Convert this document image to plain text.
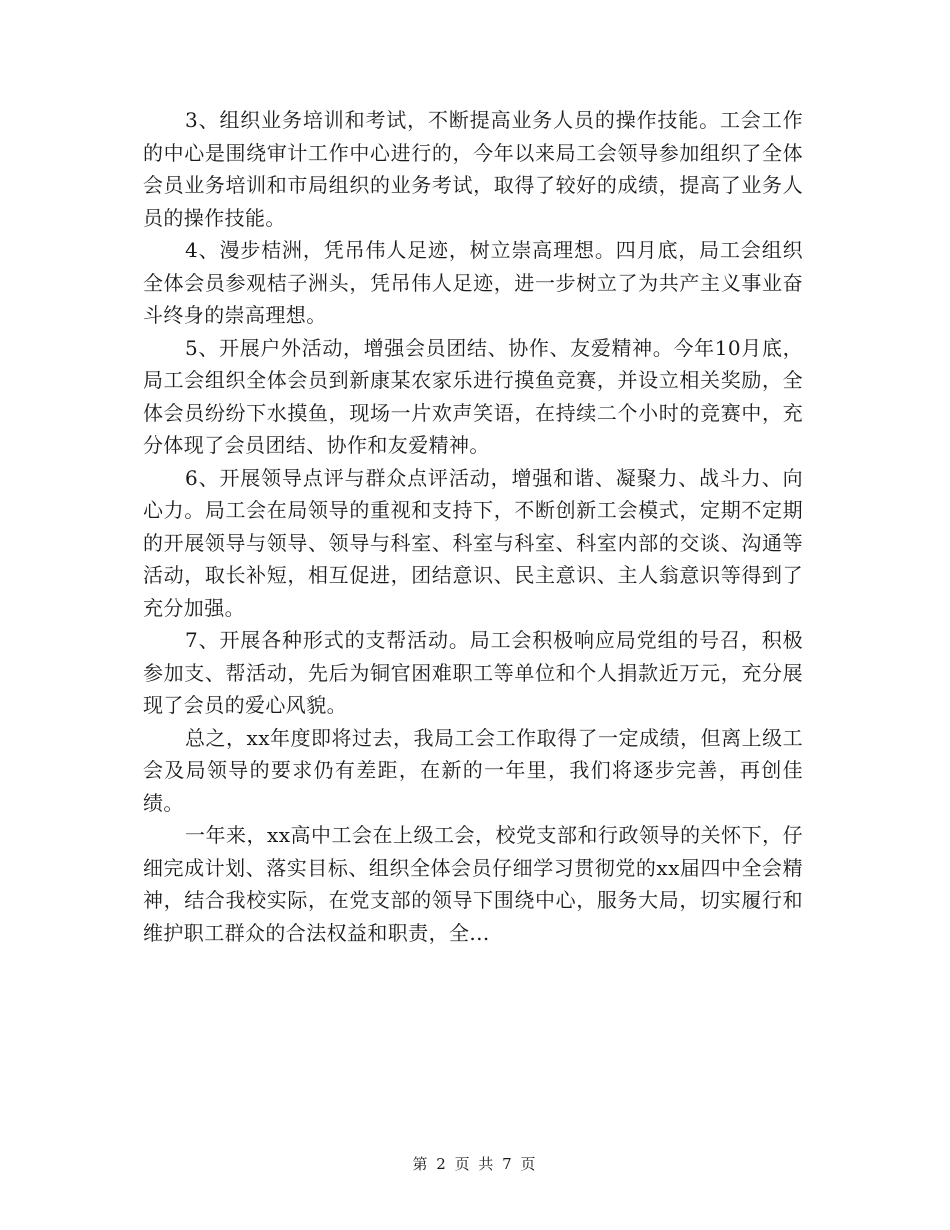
3、组织业务培训和考试，不断提高业务人员的操作技能。工会工作的中心是围绕审计工作中心进行的，今年以来局工会领导参加组织了全体会员业务培训和市局组织的业务考试，取得了较好的成绩，提高了业务人员的操作技能。

4、漫步桔洲，凭吊伟人足迹，树立崇高理想。四月底，局工会组织全体会员参观桔子洲头，凭吊伟人足迹，进一步树立了为共产主义事业奋斗终身的崇高理想。

5、开展户外活动，增强会员团结、协作、友爱精神。今年10月底，局工会组织全体会员到新康某农家乐进行摸鱼竞赛，并设立相关奖励，全体会员纷纷下水摸鱼，现场一片欢声笑语，在持续二个小时的竞赛中，充分体现了会员团结、协作和友爱精神。

6、开展领导点评与群众点评活动，增强和谐、凝聚力、战斗力、向心力。局工会在局领导的重视和支持下，不断创新工会模式，定期不定期的开展领导与领导、领导与科室、科室与科室、科室内部的交谈、沟通等活动，取长补短，相互促进，团结意识、民主意识、主人翁意识等得到了充分加强。

7、开展各种形式的支帮活动。局工会积极响应局党组的号召，积极参加支、帮活动，先后为铜官困难职工等单位和个人捐款近万元，充分展现了会员的爱心风貌。

总之，xx年度即将过去，我局工会工作取得了一定成绩，但离上级工会及局领导的要求仍有差距，在新的一年里，我们将逐步完善，再创佳绩。

一年来，xx高中工会在上级工会，校党支部和行政领导的关怀下，仔细完成计划、落实目标、组织全体会员仔细学习贯彻党的xx届四中全会精神，结合我校实际，在党支部的领导下围绕中心，服务大局，切实履行和维护职工群众的合法权益和职责，全...

第 2 页 共 7 页
